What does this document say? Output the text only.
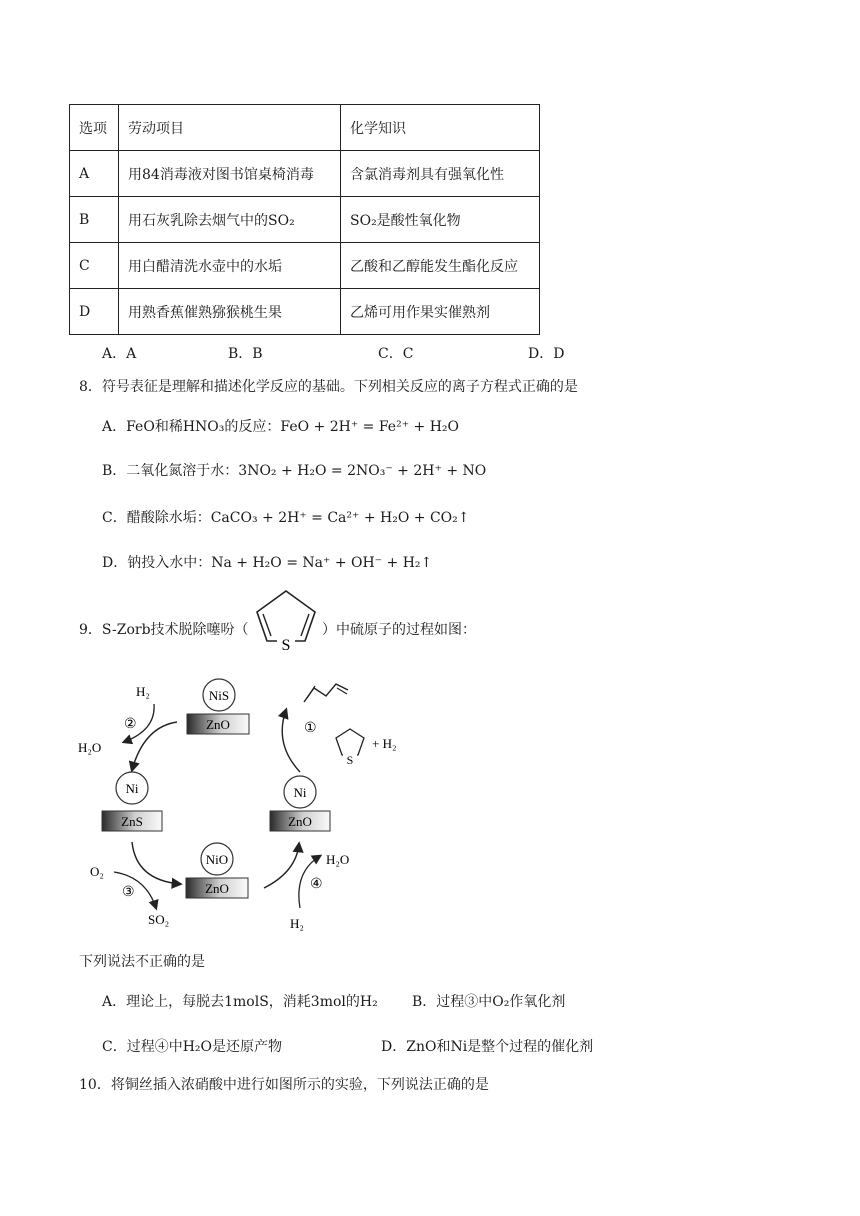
选项	劳动项目	化学知识
A	用84消毒液对图书馆桌椅消毒	含氯消毒剂具有强氧化性
B	用石灰乳除去烟气中的SO₂	SO₂是酸性氧化物
C	用白醋清洗水壶中的水垢	乙酸和乙醇能发生酯化反应
D	用熟香蕉催熟猕猴桃生果	乙烯可用作果实催熟剂
A．A	B．B	C．C	D．D
8．符号表征是理解和描述化学反应的基础。下列相关反应的离子方程式正确的是
A．FeO和稀HNO₃的反应：FeO + 2H⁺ = Fe²⁺ + H₂O
B．二氧化氮溶于水：3NO₂ + H₂O = 2NO₃⁻ + 2H⁺ + NO
C．醋酸除水垢：CaCO₃ + 2H⁺ = Ca²⁺ + H₂O + CO₂↑
D．钠投入水中：Na + H₂O = Na⁺ + OH⁻ + H₂↑
9．S-Zorb技术脱除噻吩（
S
）中硫原子的过程如图：
NiS
ZnO
H₂
②
H₂O
Ni
ZnS
O₂
③
SO₂
NiO
ZnO	④
H₂O
H₂
Ni
ZnO
①
S
+ H₂
下列说法不正确的是
A．理论上，每脱去1molS，消耗3mol的H₂ B．过程③中O₂作氧化剂
C．过程④中H₂O是还原产物	D．ZnO和Ni是整个过程的催化剂
10．将铜丝插入浓硝酸中进行如图所示的实验，下列说法正确的是
